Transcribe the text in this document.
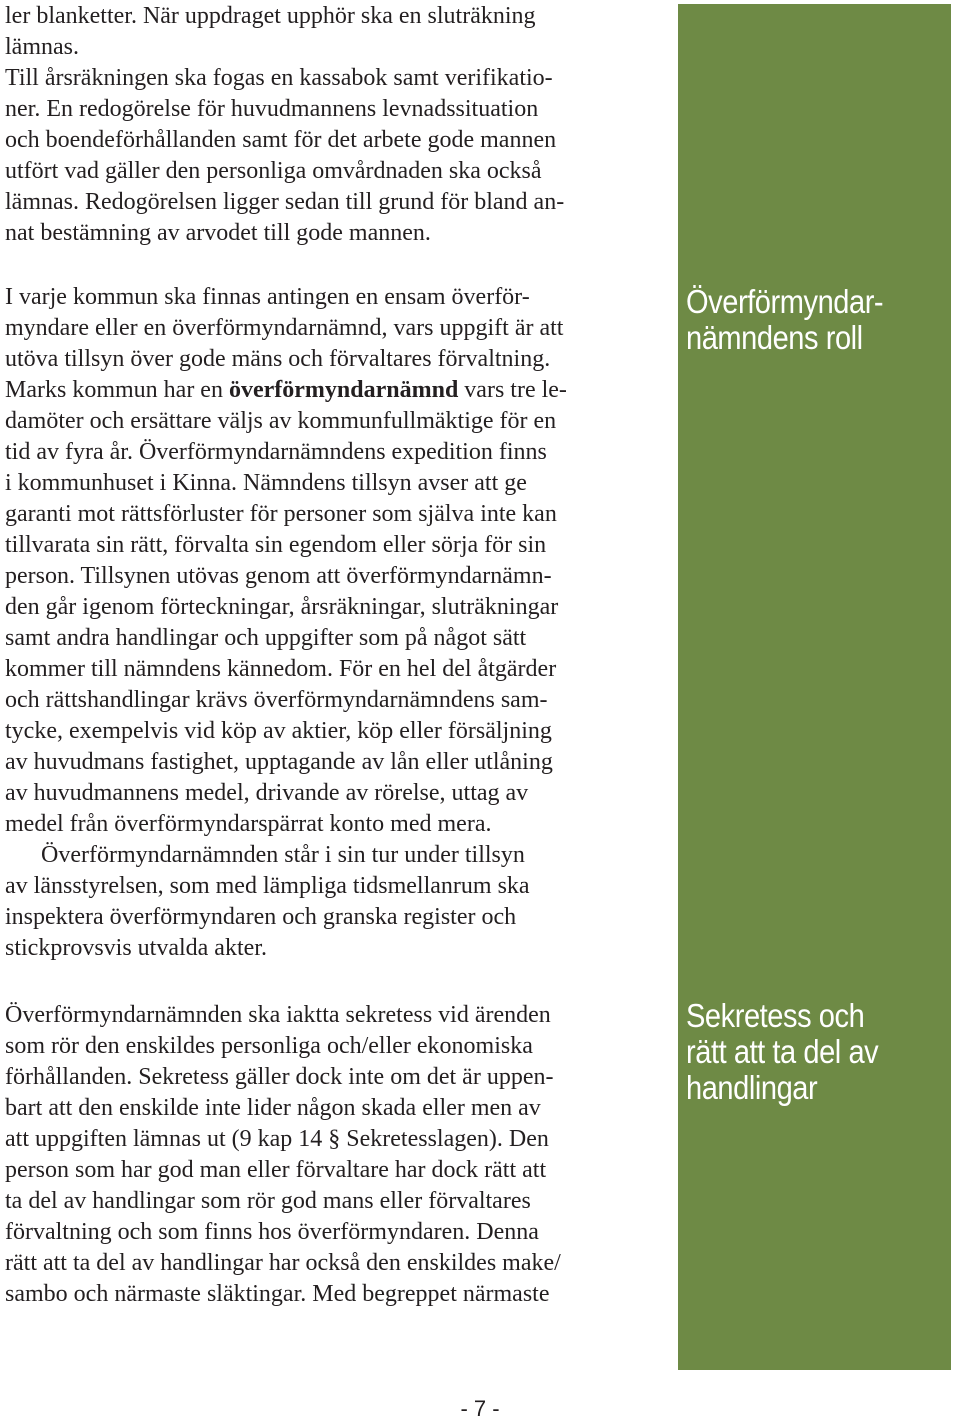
ler blanketter. När uppdraget upphör ska en sluträkning
lämnas.
Till årsräkningen ska fogas en kassabok samt verifikatio-
ner. En redogörelse för huvudmannens levnadssituation
och boendeförhållanden samt för det arbete gode mannen
utfört vad gäller den personliga omvårdnaden ska också
lämnas. Redogörelsen ligger sedan till grund för bland an-
nat bestämning av arvodet till gode mannen.
I varje kommun ska finnas antingen en ensam överför-
myndare eller en överförmyndarnämnd, vars uppgift är att
utöva tillsyn över gode mäns och förvaltares förvaltning.
Marks kommun har en överförmyndarnämnd vars tre le-
damöter och ersättare väljs av kommunfullmäktige för en
tid av fyra år. Överförmyndarnämndens expedition finns
i kommunhuset i Kinna. Nämndens tillsyn avser att ge
garanti mot rättsförluster för personer som själva inte kan
tillvarata sin rätt, förvalta sin egendom eller sörja för sin
person. Tillsynen utövas genom att överförmyndarnämn-
den går igenom förteckningar, årsräkningar, sluträkningar
samt andra handlingar och uppgifter som på något sätt
kommer till nämndens kännedom. För en hel del åtgärder
och rättshandlingar krävs överförmyndarnämndens sam-
tycke, exempelvis vid köp av aktier, köp eller försäljning
av huvudmans fastighet, upptagande av lån eller utlåning
av huvudmannens medel, drivande av rörelse, uttag av
medel från överförmyndarspärrat konto med mera.
Överförmyndarnämnden står i sin tur under tillsyn
av länsstyrelsen, som med lämpliga tidsmellanrum ska
inspektera överförmyndaren och granska register och
stickprovsvis utvalda akter.
Överförmyndarnämnden ska iaktta sekretess vid ärenden
som rör den enskildes personliga och/eller ekonomiska
förhållanden. Sekretess gäller dock inte om det är uppen-
bart att den enskilde inte lider någon skada eller men av
att uppgiften lämnas ut (9 kap 14 § Sekretesslagen). Den
person som har god man eller förvaltare har dock rätt att
ta del av handlingar som rör god mans eller förvaltares
förvaltning och som finns hos överförmyndaren. Denna
rätt att ta del av handlingar har också den enskildes make/
sambo och närmaste släktingar. Med begreppet närmaste
Överförmyndar-
nämndens roll
Sekretess och
rätt att ta del av
handlingar
- 7 -
